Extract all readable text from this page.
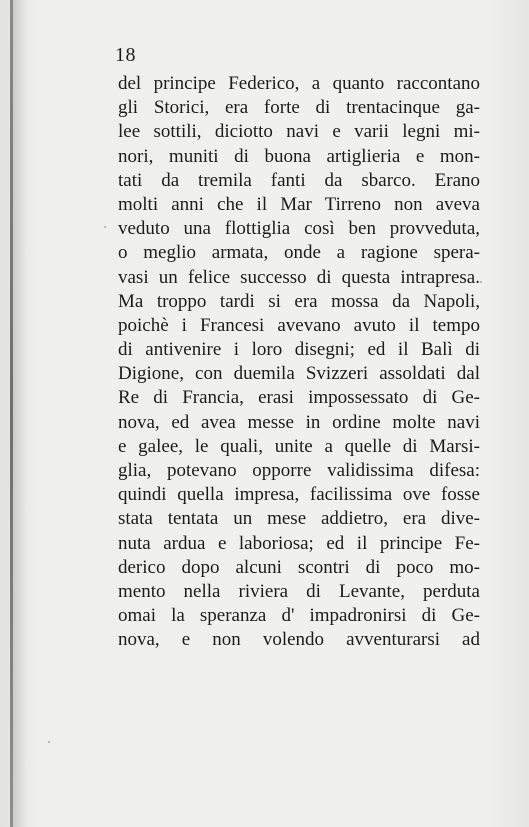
18
del principe Federico, a quanto raccontano
gli Storici, era forte di trentacinque ga-
lee sottili, diciotto navi e varii legni mi-
nori, muniti di buona artiglieria e mon-
tati da tremila fanti da sbarco. Erano
molti anni che il Mar Tirreno non aveva
veduto una flottiglia così ben provveduta,
o meglio armata, onde a ragione spera-
vasi un felice successo di questa intrapresa.
Ma troppo tardi si era mossa da Napoli,
poichè i Francesi avevano avuto il tempo
di antivenire i loro disegni; ed il Balì di
Digione, con duemila Svizzeri assoldati dal
Re di Francia, erasi impossessato di Ge-
nova, ed avea messe in ordine molte navi
e galee, le quali, unite a quelle di Marsi-
glia, potevano opporre validissima difesa:
quindi quella impresa, facilissima ove fosse
stata tentata un mese addietro, era dive-
nuta ardua e laboriosa; ed il principe Fe-
derico dopo alcuni scontri di poco mo-
mento nella riviera di Levante, perduta
omai la speranza d' impadronirsi di Ge-
nova, e non volendo avventurarsi ad
